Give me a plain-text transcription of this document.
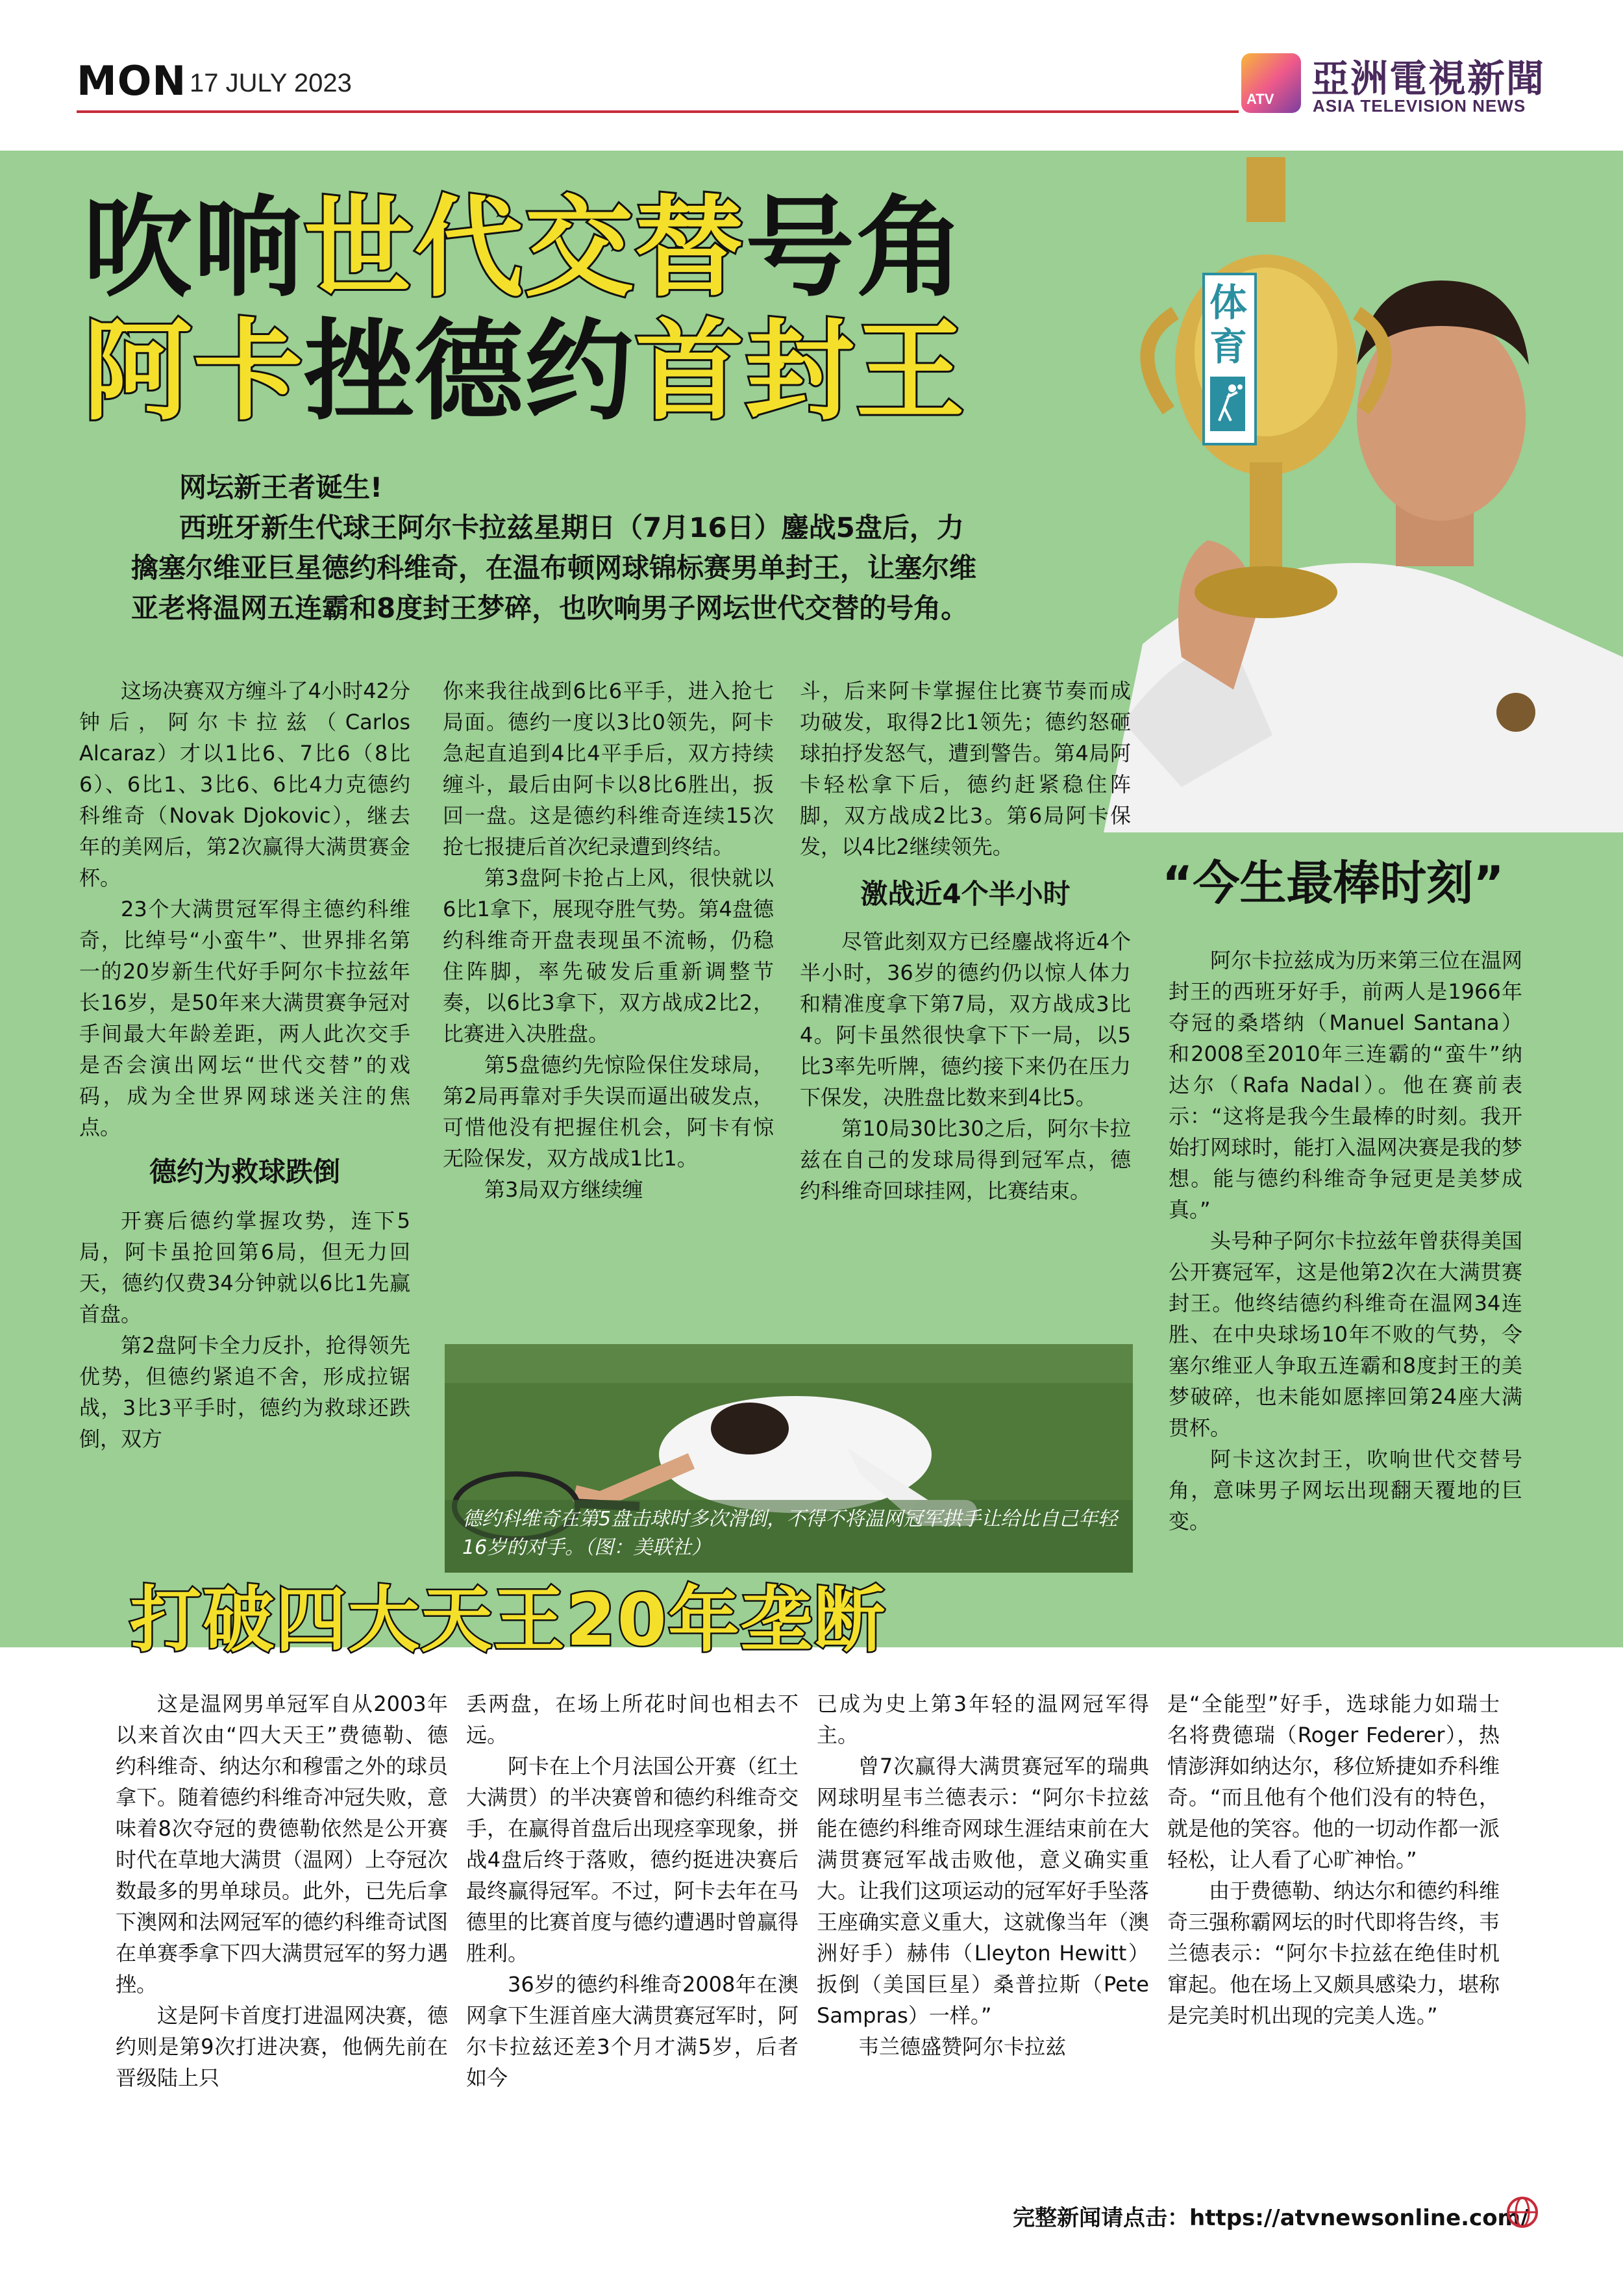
MON 17 JULY 2023
ATV 亞洲電視新聞
ASIA TELEVISION NEWS
吹响世代交替号角
阿卡挫德约首封王
体育

网坛新王者诞生!

西班牙新生代球王阿尔卡拉兹星期日（7月16日）鏖战5盘后，力擒塞尔维亚巨星德约科维奇，在温布顿网球锦标赛男单封王，让塞尔维亚老将温网五连霸和8度封王梦碎，也吹响男子网坛世代交替的号角。

这场决赛双方缠斗了4小时42分钟后，阿尔卡拉兹（Carlos Alcaraz）才以1比6、7比6（8比6）、6比1、3比6、6比4力克德约科维奇（Novak Djokovic），继去年的美网后，第2次赢得大满贯赛金杯。

23个大满贯冠军得主德约科维奇，比绰号“小蛮牛”、世界排名第一的20岁新生代好手阿尔卡拉兹年长16岁，是50年来大满贯赛争冠对手间最大年龄差距，两人此次交手是否会演出网坛“世代交替”的戏码，成为全世界网球迷关注的焦点。

德约为救球跌倒

开赛后德约掌握攻势，连下5局，阿卡虽抢回第6局，但无力回天，德约仅费34分钟就以6比1先赢首盘。

第2盘阿卡全力反扑，抢得领先优势，但德约紧追不舍，形成拉锯战，3比3平手时，德约为救球还跌倒，双方

你来我往战到6比6平手，进入抢七局面。德约一度以3比0领先，阿卡急起直追到4比4平手后，双方持续缠斗，最后由阿卡以8比6胜出，扳回一盘。这是德约科维奇连续15次抢七报捷后首次纪录遭到终结。

第3盘阿卡抢占上风，很快就以6比1拿下，展现夺胜气势。第4盘德约科维奇开盘表现虽不流畅，仍稳住阵脚，率先破发后重新调整节奏，以6比3拿下，双方战成2比2，比赛进入决胜盘。

第5盘德约先惊险保住发球局，第2局再靠对手失误而逼出破发点，可惜他没有把握住机会，阿卡有惊无险保发，双方战成1比1。

第3局双方继续缠

斗，后来阿卡掌握住比赛节奏而成功破发，取得2比1领先；德约怒砸球拍抒发怒气，遭到警告。第4局阿卡轻松拿下后，德约赶紧稳住阵脚，双方战成2比3。第6局阿卡保发，以4比2继续领先。

激战近4个半小时

尽管此刻双方已经鏖战将近4个半小时，36岁的德约仍以惊人体力和精准度拿下第7局，双方战成3比4。阿卡虽然很快拿下下一局，以5比3率先听牌，德约接下来仍在压力下保发，决胜盘比数来到4比5。

第10局30比30之后，阿尔卡拉兹在自己的发球局得到冠军点，德约科维奇回球挂网，比赛结束。

“今生最棒时刻”

阿尔卡拉兹成为历来第三位在温网封王的西班牙好手，前两人是1966年夺冠的桑塔纳（Manuel Santana）和2008至2010年三连霸的“蛮牛”纳达尔（Rafa Nadal）。他在赛前表示：“这将是我今生最棒的时刻。我开始打网球时，能打入温网决赛是我的梦想。能与德约科维奇争冠更是美梦成真。”

头号种子阿尔卡拉兹年曾获得美国公开赛冠军，这是他第2次在大满贯赛封王。他终结德约科维奇在温网34连胜、在中央球场10年不败的气势，令塞尔维亚人争取五连霸和8度封王的美梦破碎，也未能如愿摔回第24座大满贯杯。

阿卡这次封王，吹响世代交替号角，意味男子网坛出现翻天覆地的巨变。

德约科维奇在第5盘击球时多次滑倒，不得不将温网冠军拱手让给比自己年轻16岁的对手。（图：美联社）
打破四大天王20年垄断

这是温网男单冠军自从2003年以来首次由“四大天王”费德勒、德约科维奇、纳达尔和穆雷之外的球员拿下。随着德约科维奇冲冠失败，意味着8次夺冠的费德勒依然是公开赛时代在草地大满贯（温网）上夺冠次数最多的男单球员。此外，已先后拿下澳网和法网冠军的德约科维奇试图在单赛季拿下四大满贯冠军的努力遇挫。

这是阿卡首度打进温网决赛，德约则是第9次打进决赛，他俩先前在晋级陆上只

丢两盘，在场上所花时间也相去不远。

阿卡在上个月法国公开赛（红土大满贯）的半决赛曾和德约科维奇交手，在赢得首盘后出现痉挛现象，拼战4盘后终于落败，德约挺进决赛后最终赢得冠军。不过，阿卡去年在马德里的比赛首度与德约遭遇时曾赢得胜利。

36岁的德约科维奇2008年在澳网拿下生涯首座大满贯赛冠军时，阿尔卡拉兹还差3个月才满5岁，后者如今

已成为史上第3年轻的温网冠军得主。

曾7次赢得大满贯赛冠军的瑞典网球明星韦兰德表示：“阿尔卡拉兹能在德约科维奇网球生涯结束前在大满贯赛冠军战击败他，意义确实重大。让我们这项运动的冠军好手坠落王座确实意义重大，这就像当年（澳洲好手）赫伟（Lleyton Hewitt）扳倒（美国巨星）桑普拉斯（Pete Sampras）一样。”

韦兰德盛赞阿尔卡拉兹

是“全能型”好手，选球能力如瑞士名将费德瑞（Roger Federer），热情澎湃如纳达尔，移位矫捷如乔科维奇。“而且他有个他们没有的特色，就是他的笑容。他的一切动作都一派轻松，让人看了心旷神怡。”

由于费德勒、纳达尔和德约科维奇三强称霸网坛的时代即将告终，韦兰德表示：“阿尔卡拉兹在绝佳时机窜起。他在场上又颇具感染力，堪称是完美时机出现的完美人选。”

完整新闻请点击：https://atvnewsonline.com/
